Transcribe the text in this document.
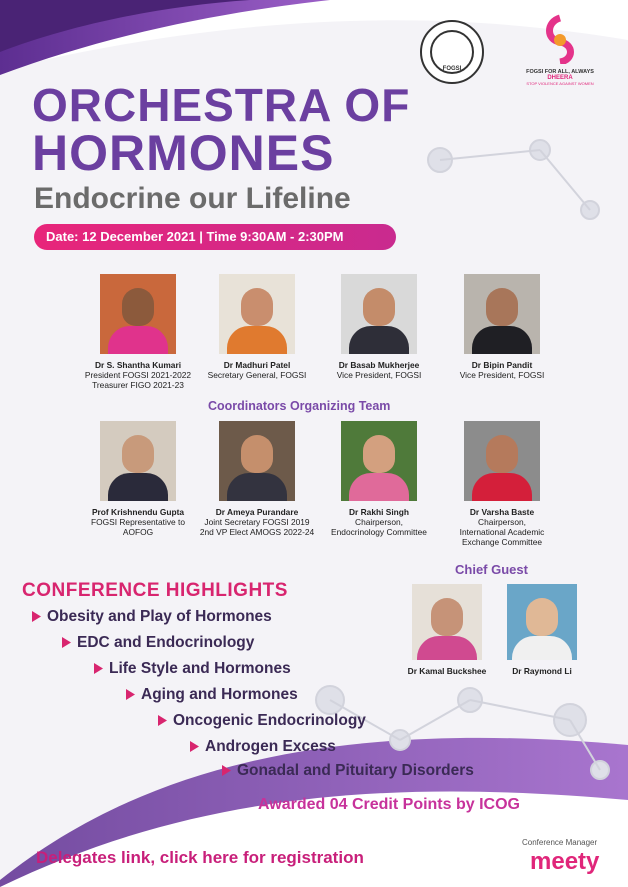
FOGSI	FOGSI FOR ALL, ALWAYS
DHEERA
STOP VIOLENCE AGAINST WOMEN
ORCHESTRA OF
HORMONES
Endocrine our Lifeline
Date: 12 December 2021 | Time 9:30AM - 2:30PM
Dr S. Shantha Kumari
President FOGSI 2021-2022
Treasurer FIGO 2021-23
Dr Madhuri Patel
Secretary General, FOGSI
Dr Basab Mukherjee
Vice President, FOGSI
Dr Bipin Pandit
Vice President, FOGSI
Coordinators Organizing Team
Prof Krishnendu Gupta
FOGSI Representative to
AOFOG
Dr Ameya Purandare
Joint Secretary FOGSI 2019
2nd VP Elect AMOGS 2022-24
Dr Rakhi Singh
Chairperson,
Endocrinology Committee
Dr Varsha Baste
Chairperson,
International Academic
Exchange Committee
CONFERENCE HIGHLIGHTS
Obesity and Play of Hormones
EDC and Endocrinology
Life Style and Hormones
Aging and Hormones
Oncogenic Endocrinology
Androgen Excess
Gonadal and Pituitary Disorders
Chief Guest
Dr Kamal Buckshee	Dr Raymond Li
Awarded 04 Credit Points by ICOG
Delegates link, click here for registration
Conference Manager
meety
